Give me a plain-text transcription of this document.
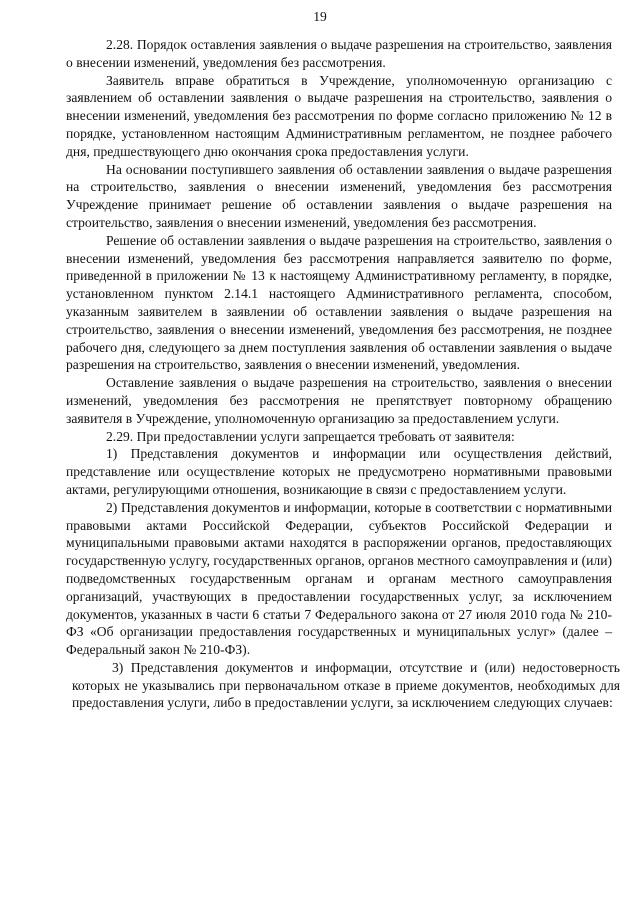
19

2.28. Порядок оставления заявления о выдаче разрешения на строительство, заявления о внесении изменений, уведомления без рассмотрения.

Заявитель вправе обратиться в Учреждение, уполномоченную организацию с заявлением об оставлении заявления о выдаче разрешения на строительство, заявления о внесении изменений, уведомления без рассмотрения по форме согласно приложению № 12 в порядке, установленном настоящим Административным регламентом, не позднее рабочего дня, предшествующего дню окончания срока предоставления услуги.

На основании поступившего заявления об оставлении заявления о выдаче разрешения на строительство, заявления о внесении изменений, уведомления без рассмотрения Учреждение принимает решение об оставлении заявления о выдаче разрешения на строительство, заявления о внесении изменений, уведомления без рассмотрения.

Решение об оставлении заявления о выдаче разрешения на строительство, заявления о внесении изменений, уведомления без рассмотрения направляется заявителю по форме, приведенной в приложении № 13 к настоящему Административному регламенту, в порядке, установленном пунктом 2.14.1 настоящего Административного регламента, способом, указанным заявителем в заявлении об оставлении заявления о выдаче разрешения на строительство, заявления о внесении изменений, уведомления без рассмотрения, не позднее рабочего дня, следующего за днем поступления заявления об оставлении заявления о выдаче разрешения на строительство, заявления о внесении изменений, уведомления.

Оставление заявления о выдаче разрешения на строительство, заявления о внесении изменений, уведомления без рассмотрения не препятствует повторному обращению заявителя в Учреждение, уполномоченную организацию за предоставлением услуги.

2.29. При предоставлении услуги запрещается требовать от заявителя:

1) Представления документов и информации или осуществления действий, представление или осуществление которых не предусмотрено нормативными правовыми актами, регулирующими отношения, возникающие в связи с предоставлением услуги.

2) Представления документов и информации, которые в соответствии с нормативными правовыми актами Российской Федерации, субъектов Российской Федерации и муниципальными правовыми актами находятся в распоряжении органов, предоставляющих государственную услугу, государственных органов, органов местного самоуправления и (или) подведомственных государственным органам и органам местного самоуправления организаций, участвующих в предоставлении государственных услуг, за исключением документов, указанных в части 6 статьи 7 Федерального закона от 27 июля 2010 года № 210-ФЗ «Об организации предоставления государственных и муниципальных услуг» (далее – Федеральный закон № 210-ФЗ).

3) Представления документов и информации, отсутствие и (или) недостоверность которых не указывались при первоначальном отказе в приеме документов, необходимых для предоставления услуги, либо в предоставлении услуги, за исключением следующих случаев:
